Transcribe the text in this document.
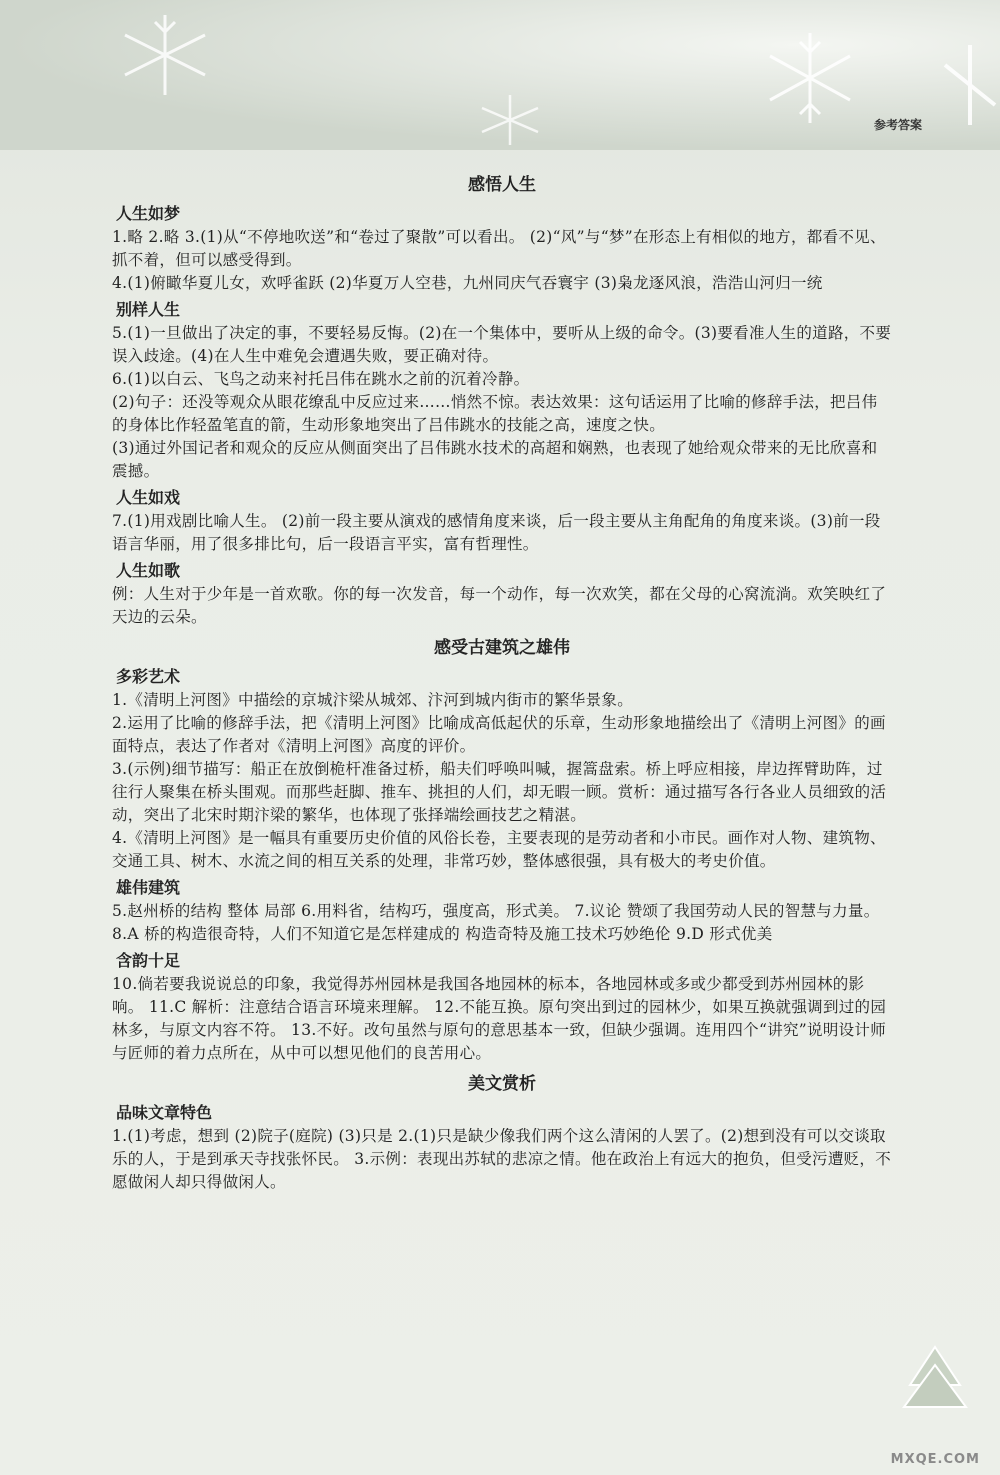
参考答案
感悟人生
人生如梦

1.略 2.略 3.(1)从“不停地吹送”和“卷过了聚散”可以看出。 (2)“风”与“梦”在形态上有相似的地方，都看不见、抓不着，但可以感受得到。

4.(1)俯瞰华夏儿女，欢呼雀跃 (2)华夏万人空巷，九州同庆气吞寰宇 (3)枭龙逐风浪，浩浩山河归一统

别样人生

5.(1)一旦做出了决定的事，不要轻易反悔。(2)在一个集体中，要听从上级的命令。(3)要看准人生的道路，不要误入歧途。(4)在人生中难免会遭遇失败，要正确对待。

6.(1)以白云、飞鸟之动来衬托吕伟在跳水之前的沉着冷静。

(2)句子：还没等观众从眼花缭乱中反应过来……悄然不惊。表达效果：这句话运用了比喻的修辞手法，把吕伟的身体比作轻盈笔直的箭，生动形象地突出了吕伟跳水的技能之高，速度之快。

(3)通过外国记者和观众的反应从侧面突出了吕伟跳水技术的高超和娴熟，也表现了她给观众带来的无比欣喜和震撼。

人生如戏

7.(1)用戏剧比喻人生。 (2)前一段主要从演戏的感情角度来谈，后一段主要从主角配角的角度来谈。(3)前一段语言华丽，用了很多排比句，后一段语言平实，富有哲理性。

人生如歌

例：人生对于少年是一首欢歌。你的每一次发音，每一个动作，每一次欢笑，都在父母的心窝流淌。欢笑映红了天边的云朵。

感受古建筑之雄伟
多彩艺术

1.《清明上河图》中描绘的京城汴梁从城郊、汴河到城内街市的繁华景象。

2.运用了比喻的修辞手法，把《清明上河图》比喻成高低起伏的乐章，生动形象地描绘出了《清明上河图》的画面特点，表达了作者对《清明上河图》高度的评价。

3.(示例)细节描写：船正在放倒桅杆准备过桥，船夫们呼唤叫喊，握篙盘索。桥上呼应相接，岸边挥臂助阵，过往行人聚集在桥头围观。而那些赶脚、推车、挑担的人们，却无暇一顾。赏析：通过描写各行各业人员细致的活动，突出了北宋时期汴梁的繁华，也体现了张择端绘画技艺之精湛。

4.《清明上河图》是一幅具有重要历史价值的风俗长卷，主要表现的是劳动者和小市民。画作对人物、建筑物、交通工具、树木、水流之间的相互关系的处理，非常巧妙，整体感很强，具有极大的考史价值。

雄伟建筑

5.赵州桥的结构 整体 局部 6.用料省，结构巧，强度高，形式美。 7.议论 赞颂了我国劳动人民的智慧与力量。 8.A 桥的构造很奇特，人们不知道它是怎样建成的 构造奇特及施工技术巧妙绝伦 9.D 形式优美

含韵十足

10.倘若要我说说总的印象，我觉得苏州园林是我国各地园林的标本，各地园林或多或少都受到苏州园林的影响。 11.C 解析：注意结合语言环境来理解。 12.不能互换。原句突出到过的园林少，如果互换就强调到过的园林多，与原文内容不符。 13.不好。改句虽然与原句的意思基本一致，但缺少强调。连用四个“讲究”说明设计师与匠师的着力点所在，从中可以想见他们的良苦用心。

美文赏析
品味文章特色

1.(1)考虑，想到 (2)院子(庭院) (3)只是 2.(1)只是缺少像我们两个这么清闲的人罢了。(2)想到没有可以交谈取乐的人，于是到承天寺找张怀民。 3.示例：表现出苏轼的悲凉之情。他在政治上有远大的抱负，但受污遭贬，不愿做闲人却只得做闲人。

MXQE.COM
